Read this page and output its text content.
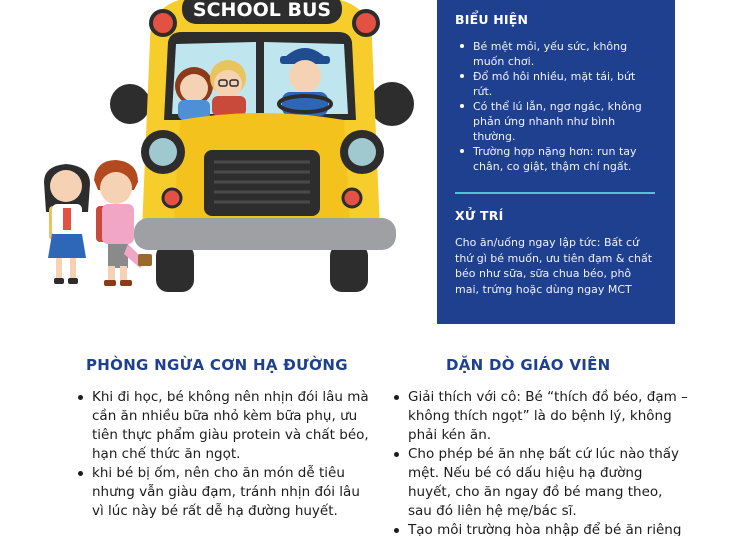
SCHOOL BUS	BIỂU HIỆN
Bé mệt mỏi, yếu sức, không muốn chơi.
Đổ mồ hôi nhiều, mặt tái, bứt rứt.
Có thể lú lẫn, ngơ ngác, không phản ứng nhanh như bình thường.
Trường hợp nặng hơn: run tay chân, co giật, thậm chí ngất.
XỬ TRÍ

Cho ăn/uống ngay lập tức: Bất cứ thứ gì bé muốn, ưu tiên đạm & chất béo như sữa, sữa chua béo, phô mai, trứng hoặc dùng ngay MCT

PHÒNG NGỪA CƠN HẠ ĐƯỜNG
Khi đi học, bé không nên nhịn đói lâu mà cần ăn nhiều bữa nhỏ kèm bữa phụ, ưu tiên thực phẩm giàu protein và chất béo, hạn chế thức ăn ngọt.
khi bé bị ốm, nên cho ăn món dễ tiêu nhưng vẫn giàu đạm, tránh nhịn đói lâu vì lúc này bé rất dễ hạ đường huyết.
DẶN DÒ GIÁO VIÊN
Giải thích với cô: Bé “thích đồ béo, đạm – không thích ngọt” là do bệnh lý, không phải kén ăn.
Cho phép bé ăn nhẹ bất cứ lúc nào thấy mệt. Nếu bé có dấu hiệu hạ đường huyết, cho ăn ngay đồ bé mang theo, sau đó liên hệ mẹ/bác sĩ.
Tạo môi trường hòa nhập để bé ăn riêng
